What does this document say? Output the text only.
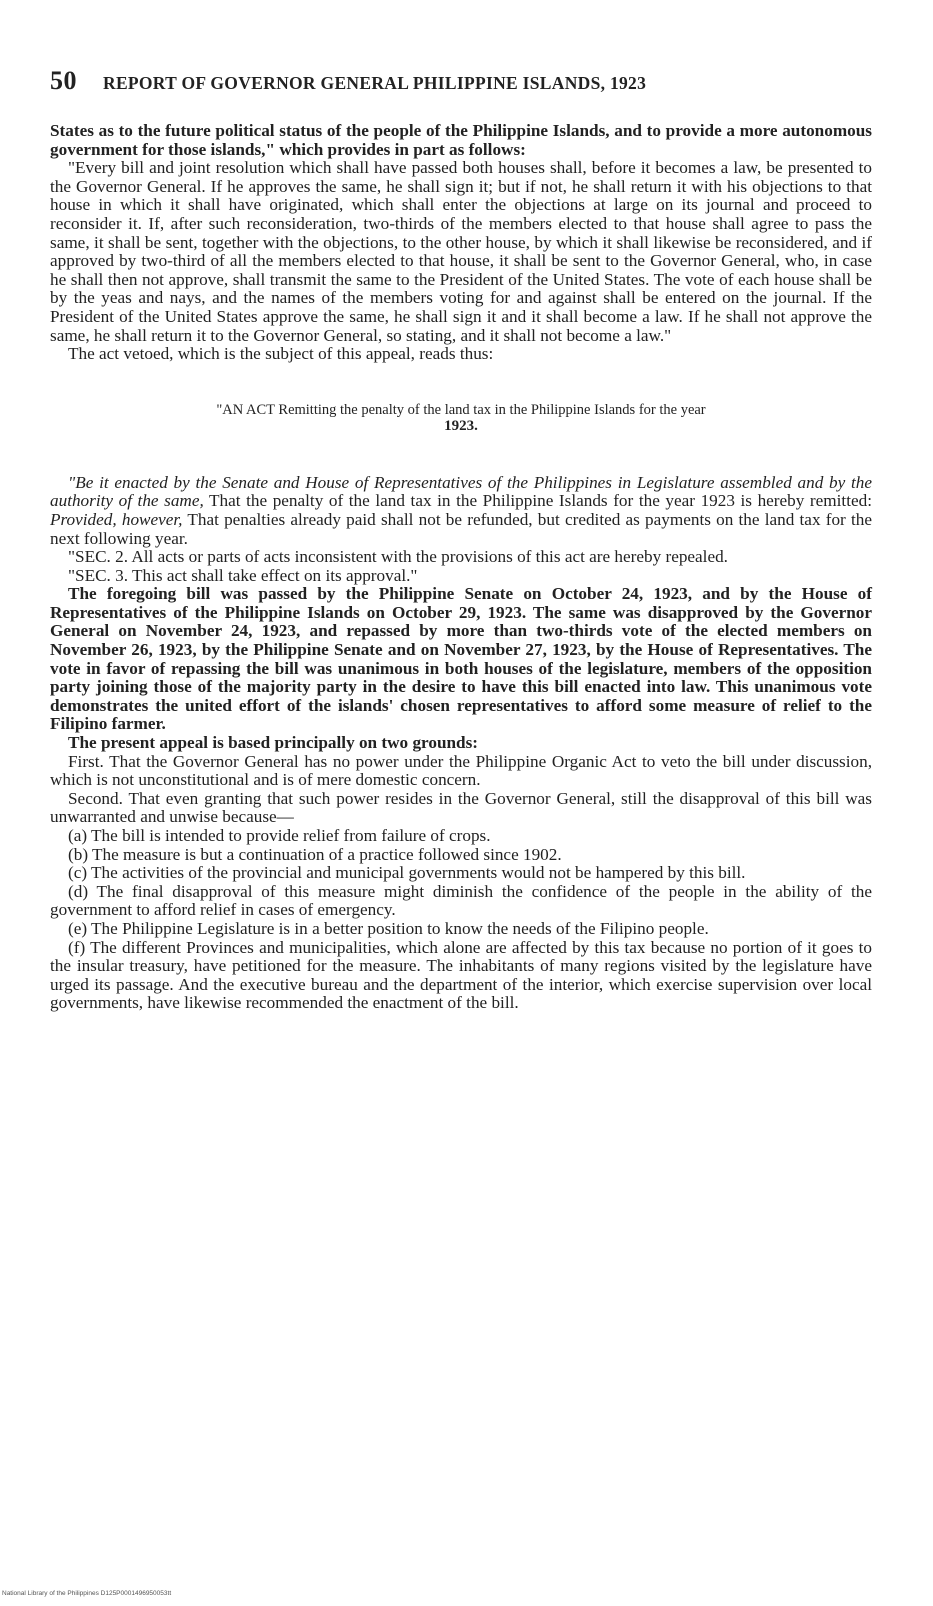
50 REPORT OF GOVERNOR GENERAL PHILIPPINE ISLANDS, 1923

States as to the future political status of the people of the Philippine Islands, and to provide a more autonomous government for those islands," which provides in part as follows:

"Every bill and joint resolution which shall have passed both houses shall, before it becomes a law, be presented to the Governor General. If he approves the same, he shall sign it; but if not, he shall return it with his objections to that house in which it shall have originated, which shall enter the objections at large on its journal and proceed to reconsider it. If, after such reconsideration, two-thirds of the members elected to that house shall agree to pass the same, it shall be sent, together with the objections, to the other house, by which it shall likewise be reconsidered, and if approved by two-third of all the members elected to that house, it shall be sent to the Governor General, who, in case he shall then not approve, shall transmit the same to the President of the United States. The vote of each house shall be by the yeas and nays, and the names of the members voting for and against shall be entered on the journal. If the President of the United States approve the same, he shall sign it and it shall become a law. If he shall not approve the same, he shall return it to the Governor General, so stating, and it shall not become a law."

The act vetoed, which is the subject of this appeal, reads thus:

"AN ACT Remitting the penalty of the land tax in the Philippine Islands for the year
1923.

"Be it enacted by the Senate and House of Representatives of the Philippines in Legislature assembled and by the authority of the same, That the penalty of the land tax in the Philippine Islands for the year 1923 is hereby remitted: Provided, however, That penalties already paid shall not be refunded, but credited as payments on the land tax for the next following year.

"SEC. 2. All acts or parts of acts inconsistent with the provisions of this act are hereby repealed.

"SEC. 3. This act shall take effect on its approval."

The foregoing bill was passed by the Philippine Senate on October 24, 1923, and by the House of Representatives of the Philippine Islands on October 29, 1923. The same was disapproved by the Governor General on November 24, 1923, and repassed by more than two-thirds vote of the elected members on November 26, 1923, by the Philippine Senate and on November 27, 1923, by the House of Representatives. The vote in favor of repassing the bill was unanimous in both houses of the legislature, members of the opposition party joining those of the majority party in the desire to have this bill enacted into law. This unanimous vote demonstrates the united effort of the islands' chosen representatives to afford some measure of relief to the Filipino farmer.

The present appeal is based principally on two grounds:

First. That the Governor General has no power under the Philippine Organic Act to veto the bill under discussion, which is not unconstitutional and is of mere domestic concern.

Second. That even granting that such power resides in the Governor General, still the disapproval of this bill was unwarranted and unwise because—

(a) The bill is intended to provide relief from failure of crops.

(b) The measure is but a continuation of a practice followed since 1902.

(c) The activities of the provincial and municipal governments would not be hampered by this bill.

(d) The final disapproval of this measure might diminish the confidence of the people in the ability of the government to afford relief in cases of emergency.

(e) The Philippine Legislature is in a better position to know the needs of the Filipino people.

(f) The different Provinces and municipalities, which alone are affected by this tax because no portion of it goes to the insular treasury, have petitioned for the measure. The inhabitants of many regions visited by the legislature have urged its passage. And the executive bureau and the department of the interior, which exercise supervision over local governments, have likewise recommended the enactment of the bill.

National Library of the Philippines D125P0001496950053tt
